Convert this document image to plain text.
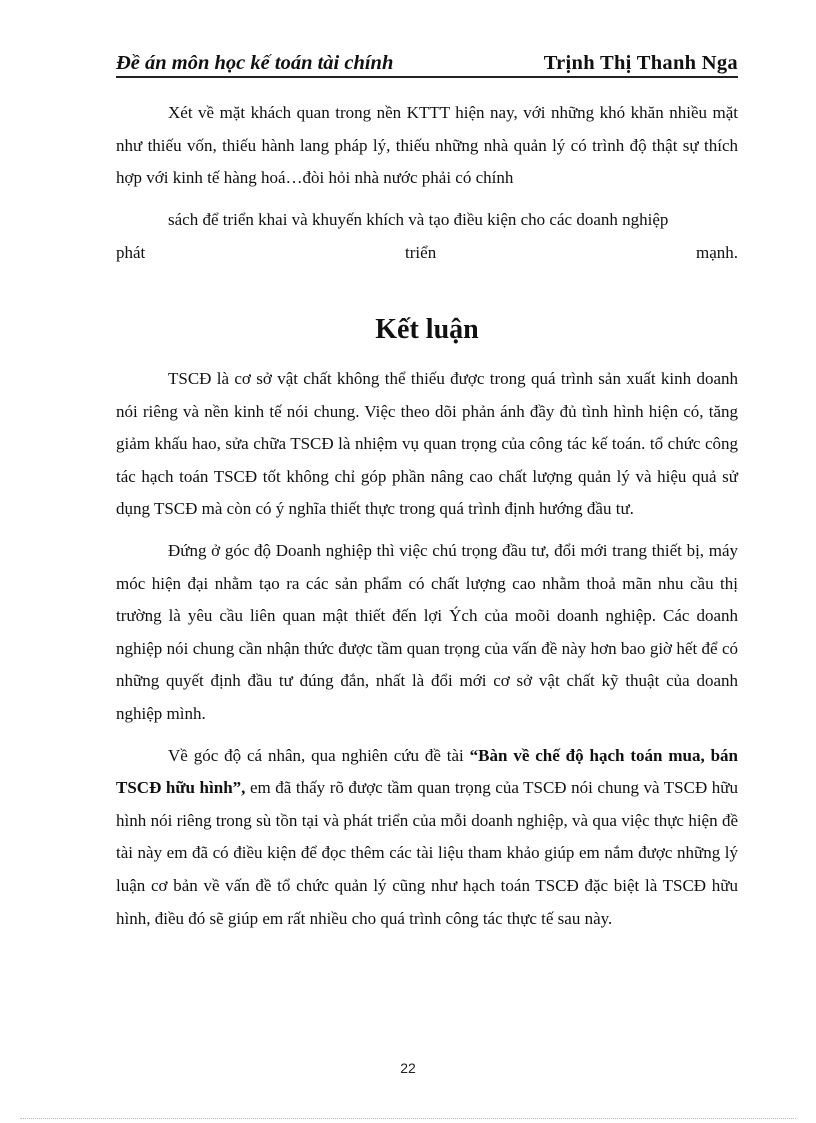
Đề án môn học kế toán tài chính	Trịnh Thị Thanh Nga

Xét về mặt khách quan trong nền KTTT hiện nay, với những khó khăn nhiều mặt như thiếu vốn, thiếu hành lang pháp lý, thiếu những nhà quản lý có trình độ thật sự thích hợp với kinh tế hàng hoá…đòi hỏi nhà nước phải có chính

sách để triển khai và khuyến khích và tạo điều kiện cho các doanh nghiệp

phát triển mạnh.

Kết luận

TSCĐ là cơ sở vật chất không thể thiếu được trong quá trình sản xuất kinh doanh nói riêng và nền kinh tế nói chung. Việc theo dõi phản ánh đầy đủ tình hình hiện có, tăng giảm khấu hao, sửa chữa TSCĐ là nhiệm vụ quan trọng của công tác kế toán. tổ chức công tác hạch toán TSCĐ tốt không chỉ góp phần nâng cao chất lượng quản lý và hiệu quả sử dụng TSCĐ mà còn có ý nghĩa thiết thực trong quá trình định hướng đầu tư.

Đứng ở góc độ Doanh nghiệp thì việc chú trọng đầu tư, đổi mới trang thiết bị, máy móc hiện đại nhằm tạo ra các sản phẩm có chất lượng cao nhằm thoả mãn nhu cầu thị trường là yêu cầu liên quan mật thiết đến lợi Ých của moõi doanh nghiệp. Các doanh nghiệp nói chung cần nhận thức được tầm quan trọng của vấn đề này hơn bao giờ hết để có những quyết định đầu tư đúng đắn, nhất là đổi mới cơ sở vật chất kỹ thuật của doanh nghiệp mình.

Về góc độ cá nhân, qua nghiên cứu đề tài “Bàn về chế độ hạch toán mua, bán TSCĐ hữu hình”, em đã thấy rõ được tầm quan trọng của TSCĐ nói chung và TSCĐ hữu hình nói riêng trong sù tồn tại và phát triển của mỗi doanh nghiệp, và qua việc thực hiện đề tài này em đã có điều kiện để đọc thêm các tài liệu tham khảo giúp em nắm được những lý luận cơ bản về vấn đề tổ chức quản lý cũng như hạch toán TSCĐ đặc biệt là TSCĐ hữu hình, điều đó sẽ giúp em rất nhiều cho quá trình công tác thực tế sau này.

22
